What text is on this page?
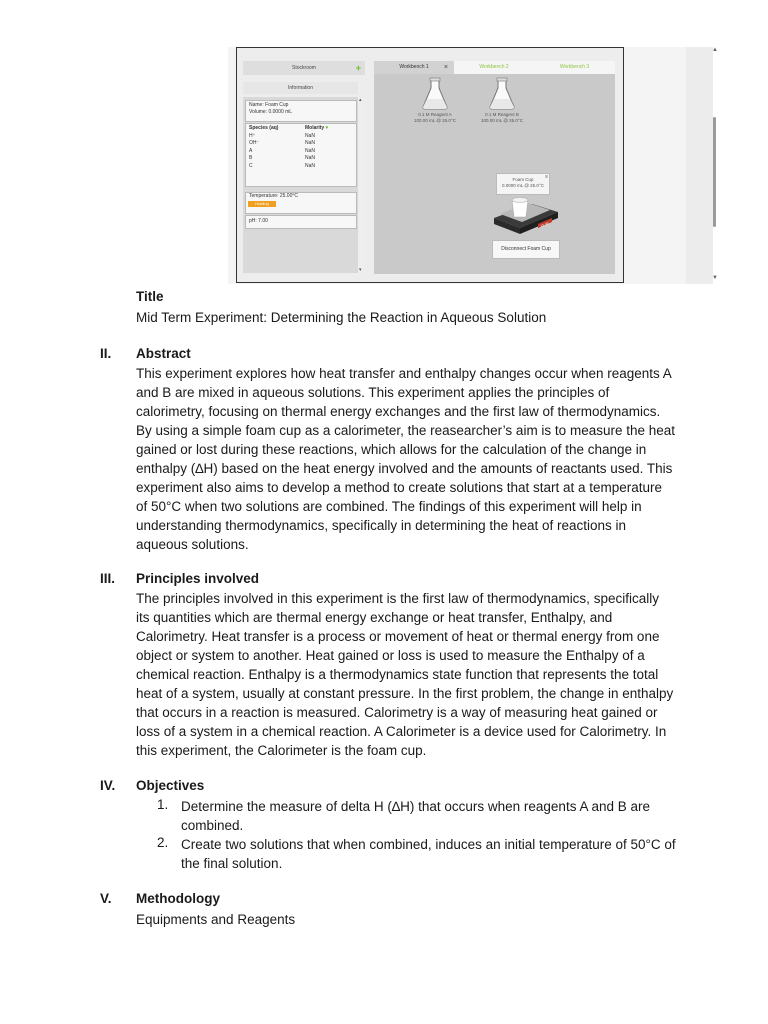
▲
▼
Stockroom	+
Information
Name: Foam Cup
Volume: 0.0000 mL
Species (aq)	Molarity ▾
H⁺	NaN
OH⁻	NaN
A	NaN
B	NaN
C	NaN
Temperature: 25.00°C
Holding
pH: 7.00
▴
▾
Workbench 1 ×	Workbench 2	Workbench 3
0.1 M Reagent A
100.00 mL @ 25.0°C
0.1 M Reagent B
100.00 mL @ 25.0°C
≡
Foam Cup
0.0000 mL @ 25.0°C
25.00
Disconnect Foam Cup
Title
Mid Term Experiment: Determining the Reaction in Aqueous Solution
II. Abstract
This experiment explores how heat transfer and enthalpy changes occur when reagents A and B are mixed in aqueous solutions. This experiment applies the principles of calorimetry, focusing on thermal energy exchanges and the first law of thermodynamics. By using a simple foam cup as a calorimeter, the reasearcher’s aim is to measure the heat gained or lost during these reactions, which allows for the calculation of the change in enthalpy (∆H) based on the heat energy involved and the amounts of reactants used. This experiment also aims to develop a method to create solutions that start at a temperature of 50°C when two solutions are combined. The findings of this experiment will help in understanding thermodynamics, specifically in determining the heat of reactions in aqueous solutions.
III. Principles involved
The principles involved in this experiment is the first law of thermodynamics, specifically its quantities which are thermal energy exchange or heat transfer, Enthalpy, and Calorimetry. Heat transfer is a process or movement of heat or thermal energy from one object or system to another. Heat gained or loss is used to measure the Enthalpy of a chemical reaction. Enthalpy is a thermodynamics state function that represents the total heat of a system, usually at constant pressure. In the first problem, the change in enthalpy that occurs in a reaction is measured. Calorimetry is a way of measuring heat gained or loss of a system in a chemical reaction. A Calorimeter is a device used for Calorimetry. In this experiment, the Calorimeter is the foam cup.
IV. Objectives
1. Determine the measure of delta H (∆H) that occurs when reagents A and B are combined.
2. Create two solutions that when combined, induces an initial temperature of 50°C of the final solution.
V. Methodology
Equipments and Reagents
